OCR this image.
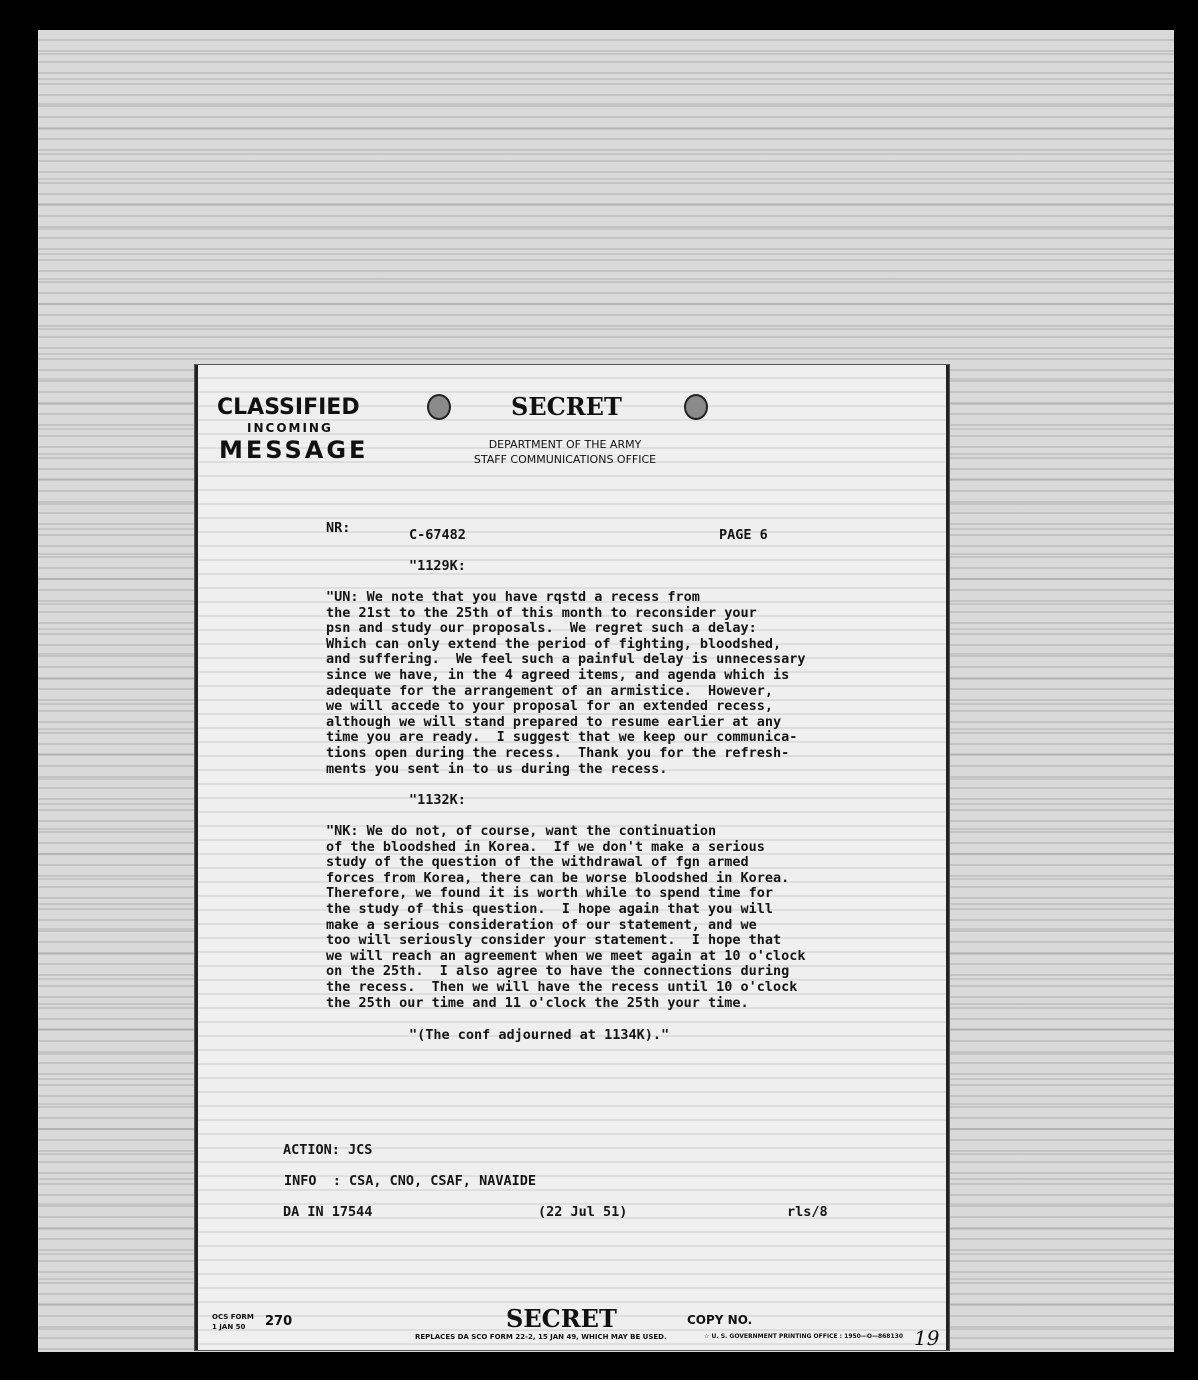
CLASSIFIED

INCOMING

MESSAGE

SECRET

DEPARTMENT OF THE ARMY
STAFF COMMUNICATIONS OFFICE

NR:	C-67482	PAGE 6

"1129K:

"UN: We note that you have rqstd a recess from
the 21st to the 25th of this month to reconsider your
psn and study our proposals.  We regret such a delay:
Which can only extend the period of fighting, bloodshed,
and suffering.  We feel such a painful delay is unnecessary
since we have, in the 4 agreed items, and agenda which is
adequate for the arrangement of an armistice.  However,
we will accede to your proposal for an extended recess,
although we will stand prepared to resume earlier at any
time you are ready.  I suggest that we keep our communica-
tions open during the recess.  Thank you for the refresh-
ments you sent in to us during the recess.

"1132K:

"NK: We do not, of course, want the continuation
of the bloodshed in Korea.  If we don't make a serious
study of the question of the withdrawal of fgn armed
forces from Korea, there can be worse bloodshed in Korea.
Therefore, we found it is worth while to spend time for
the study of this question.  I hope again that you will
make a serious consideration of our statement, and we
too will seriously consider your statement.  I hope that
we will reach an agreement when we meet again at 10 o'clock
on the 25th.  I also agree to have the connections during
the recess.  Then we will have the recess until 10 o'clock
the 25th our time and 11 o'clock the 25th your time.

"(The conf adjourned at 1134K)."

ACTION: JCS

INFO  : CSA, CNO, CSAF, NAVAIDE

DA IN 17544	(22 Jul 51)	rls/8

OCS FORM

1 JAN 50 270	SECRET	COPY NO.

REPLACES DA SCO FORM 22-2, 15 JAN 49, WHICH MAY BE USED.	☆ U. S. GOVERNMENT PRINTING OFFICE : 1950—O—868130 19
